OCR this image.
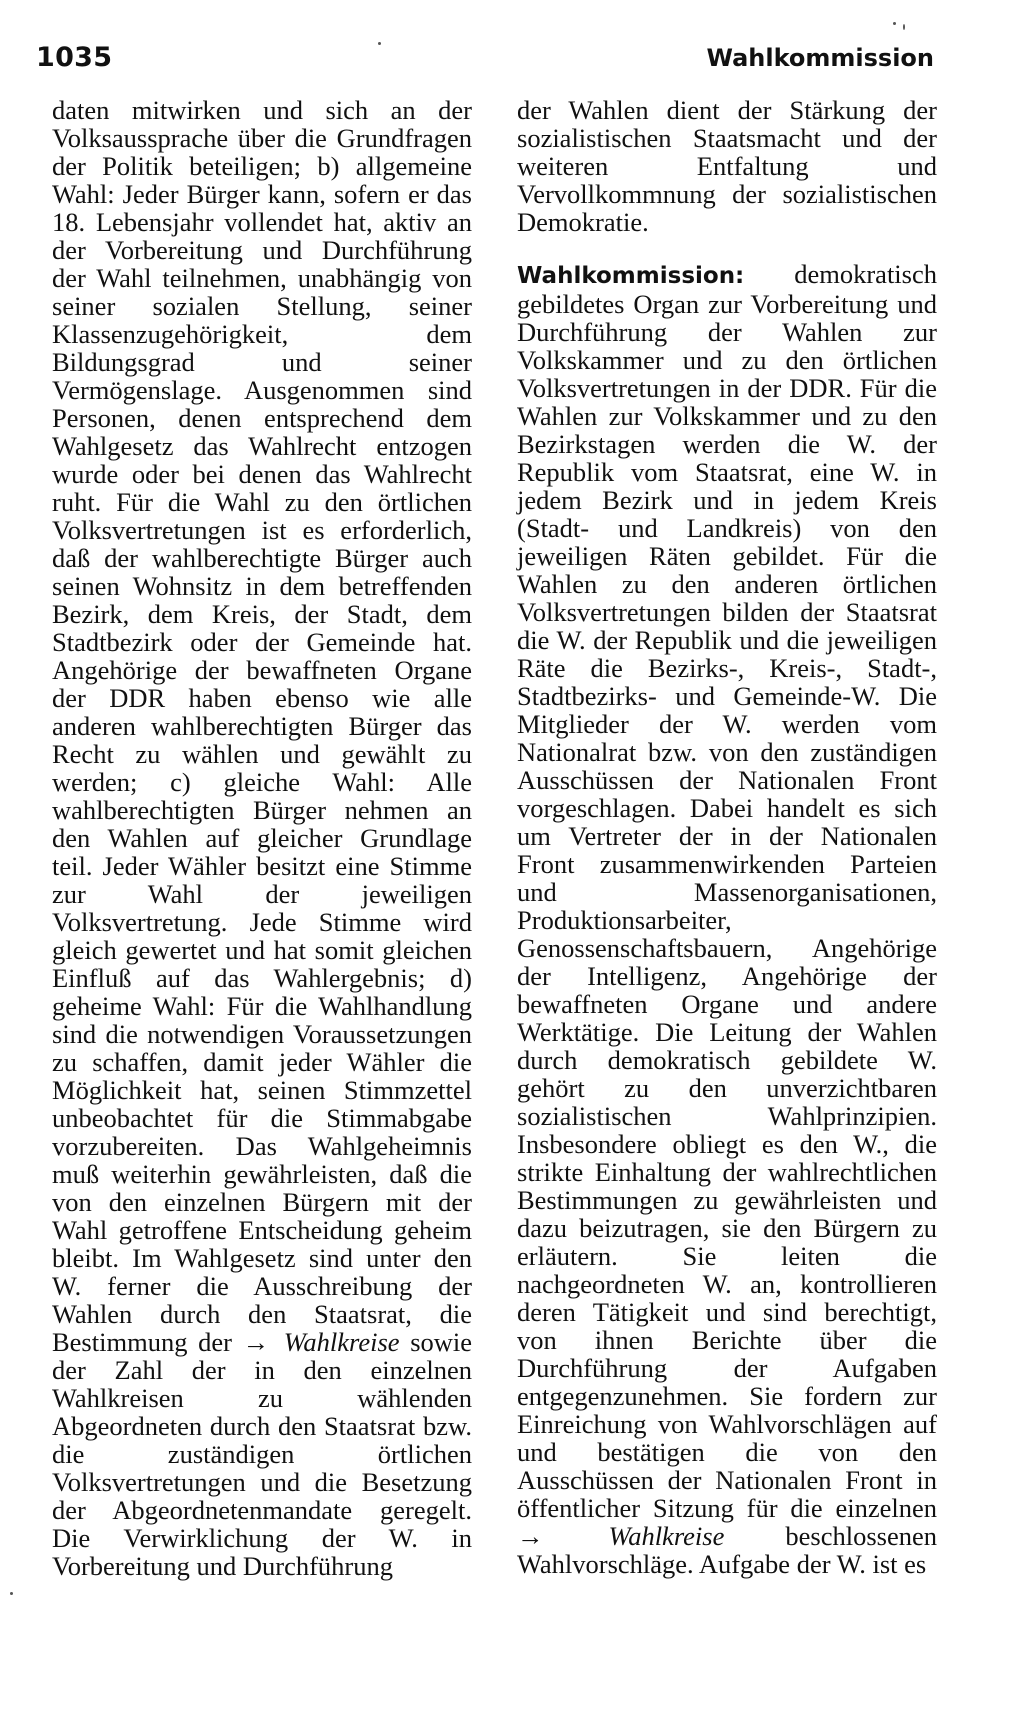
1035	Wahlkommission

daten mitwirken und sich an der Volksaussprache über die Grundfragen der Politik beteiligen; b) allgemeine Wahl: Jeder Bürger kann, sofern er das 18. Lebensjahr vollendet hat, aktiv an der Vorbereitung und Durchführung der Wahl teilnehmen, unabhängig von seiner sozialen Stellung, seiner Klassenzugehörigkeit, dem Bildungsgrad und seiner Vermögenslage. Ausgenommen sind Personen, denen entsprechend dem Wahlgesetz das Wahlrecht entzogen wurde oder bei denen das Wahlrecht ruht. Für die Wahl zu den örtlichen Volksvertretungen ist es erforderlich, daß der wahlberechtigte Bürger auch seinen Wohnsitz in dem betreffenden Bezirk, dem Kreis, der Stadt, dem Stadtbezirk oder der Gemeinde hat. Angehörige der bewaffneten Organe der DDR haben ebenso wie alle anderen wahlberechtigten Bürger das Recht zu wählen und gewählt zu werden; c) gleiche Wahl: Alle wahlberechtigten Bürger nehmen an den Wahlen auf gleicher Grundlage teil. Jeder Wähler besitzt eine Stimme zur Wahl der jeweiligen Volksvertretung. Jede Stimme wird gleich gewertet und hat somit gleichen Einfluß auf das Wahlergebnis; d) geheime Wahl: Für die Wahlhandlung sind die notwendigen Voraussetzungen zu schaffen, damit jeder Wähler die Möglichkeit hat, seinen Stimmzettel unbeobachtet für die Stimmabgabe vorzubereiten. Das Wahlgeheimnis muß weiterhin gewährleisten, daß die von den einzelnen Bürgern mit der Wahl getroffene Entscheidung geheim bleibt. Im Wahlgesetz sind unter den W. ferner die Ausschreibung der Wahlen durch den Staatsrat, die Bestimmung der → Wahlkreise sowie der Zahl der in den einzelnen Wahlkreisen zu wählenden Abgeordneten durch den Staatsrat bzw. die zuständigen örtlichen Volksvertretungen und die Besetzung der Abgeordnetenmandate geregelt. Die Verwirklichung der W. in Vorbereitung und Durchführung

der Wahlen dient der Stärkung der sozialistischen Staatsmacht und der weiteren Entfaltung und Vervollkommnung der sozialistischen Demokratie.

Wahlkommission: demokratisch gebildetes Organ zur Vorbereitung und Durchführung der Wahlen zur Volkskammer und zu den örtlichen Volksvertretungen in der DDR. Für die Wahlen zur Volkskammer und zu den Bezirkstagen werden die W. der Republik vom Staatsrat, eine W. in jedem Bezirk und in jedem Kreis (Stadt- und Landkreis) von den jeweiligen Räten gebildet. Für die Wahlen zu den anderen örtlichen Volksvertretungen bilden der Staatsrat die W. der Republik und die jeweiligen Räte die Bezirks-, Kreis-, Stadt-, Stadtbezirks- und Gemeinde-W. Die Mitglieder der W. werden vom Nationalrat bzw. von den zuständigen Ausschüssen der Nationalen Front vorgeschlagen. Dabei handelt es sich um Vertreter der in der Nationalen Front zusammenwirkenden Parteien und Massenorganisationen, Produktionsarbeiter, Genossenschaftsbauern, Angehörige der Intelligenz, Angehörige der bewaffneten Organe und andere Werktätige. Die Leitung der Wahlen durch demokratisch gebildete W. gehört zu den unverzichtbaren sozialistischen Wahlprinzipien. Insbesondere obliegt es den W., die strikte Einhaltung der wahlrechtlichen Bestimmungen zu gewährleisten und dazu beizutragen, sie den Bürgern zu erläutern. Sie leiten die nachgeordneten W. an, kontrollieren deren Tätigkeit und sind berechtigt, von ihnen Berichte über die Durchführung der Aufgaben entgegenzunehmen. Sie fordern zur Einreichung von Wahlvorschlägen auf und bestätigen die von den Ausschüssen der Nationalen Front in öffentlicher Sitzung für die einzelnen → Wahlkreise beschlossenen Wahlvorschläge. Aufgabe der W. ist es
